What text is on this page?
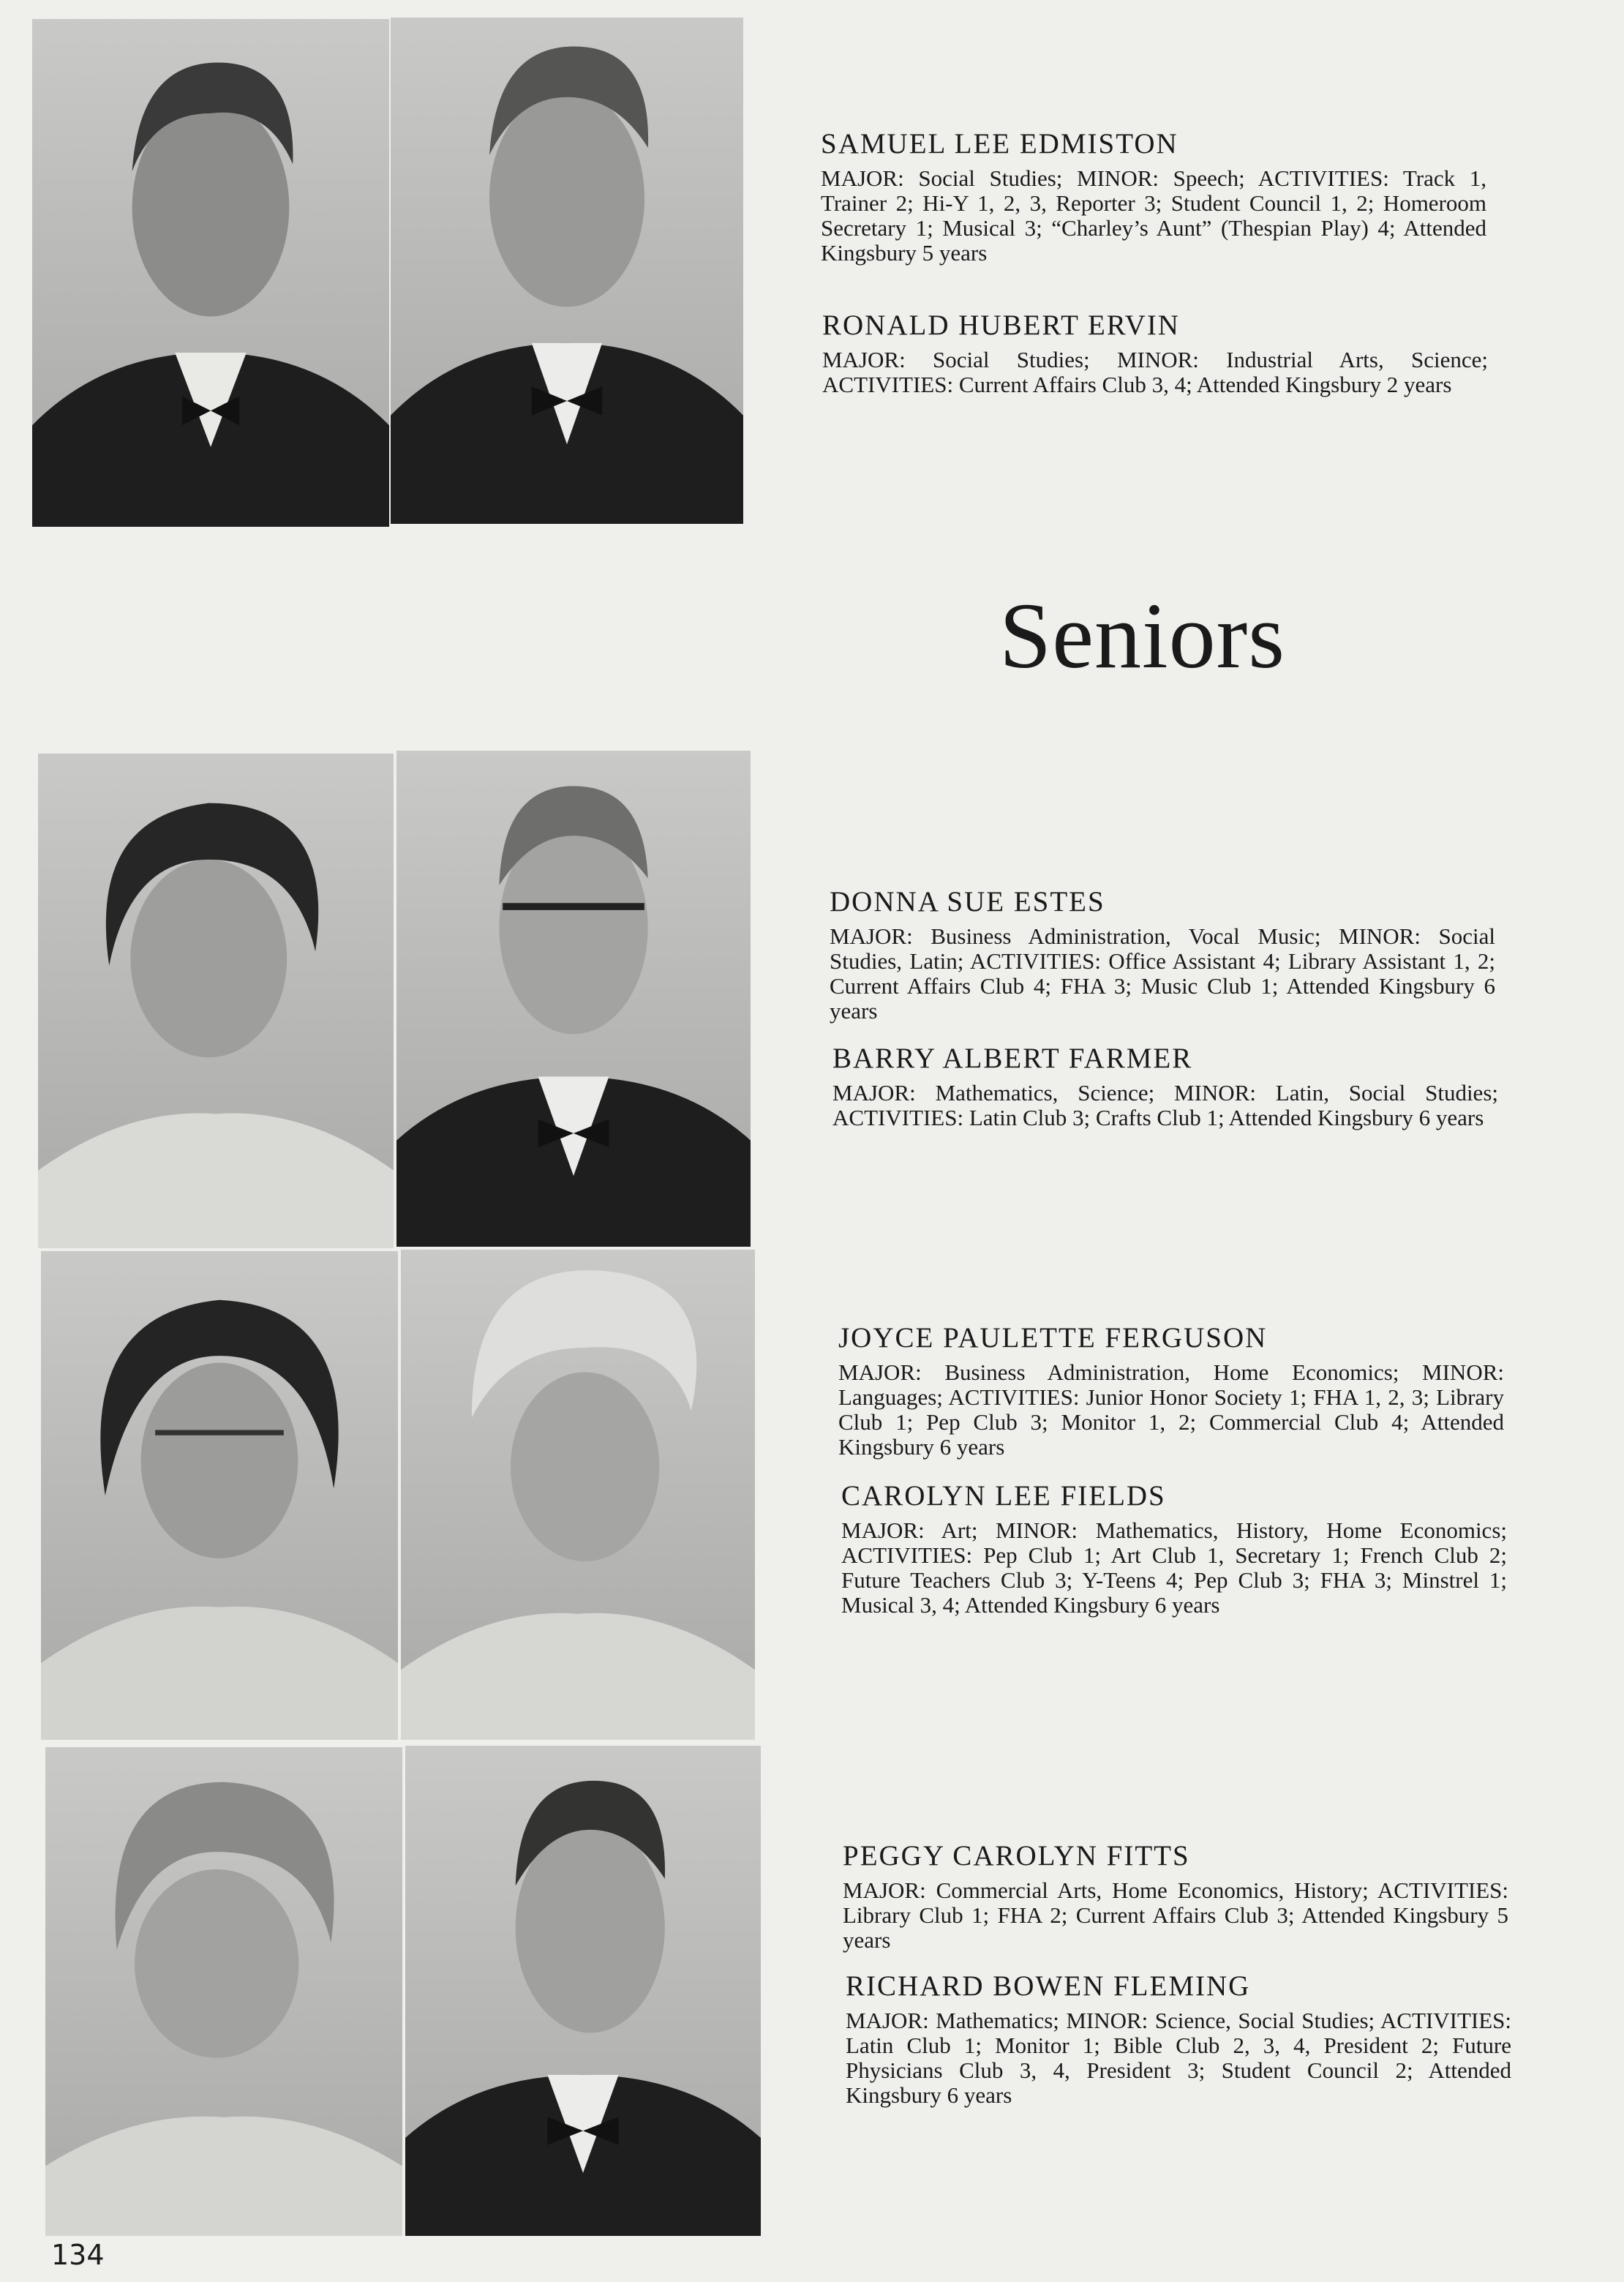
SAMUEL LEE EDMISTON

MAJOR: Social Studies; MINOR: Speech; ACTIVITIES: Track 1, Trainer 2; Hi-Y 1, 2, 3, Reporter 3; Student Council 1, 2; Homeroom Secretary 1; Musical 3; “Charley’s Aunt” (Thespian Play) 4; Attended Kingsbury 5 years

RONALD HUBERT ERVIN

MAJOR: Social Studies; MINOR: Industrial Arts, Science; ACTIVITIES: Current Affairs Club 3, 4; Attended Kingsbury 2 years

Seniors
DONNA SUE ESTES

MAJOR: Business Administration, Vocal Music; MINOR: Social Studies, Latin; ACTIVITIES: Office Assistant 4; Library Assistant 1, 2; Current Affairs Club 4; FHA 3; Music Club 1; Attended Kingsbury 6 years

BARRY ALBERT FARMER

MAJOR: Mathematics, Science; MINOR: Latin, Social Studies; ACTIVITIES: Latin Club 3; Crafts Club 1; Attended Kingsbury 6 years

JOYCE PAULETTE FERGUSON

MAJOR: Business Administration, Home Economics; MINOR: Languages; ACTIVITIES: Junior Honor Society 1; FHA 1, 2, 3; Library Club 1; Pep Club 3; Monitor 1, 2; Commercial Club 4; Attended Kingsbury 6 years

CAROLYN LEE FIELDS

MAJOR: Art; MINOR: Mathematics, History, Home Economics; ACTIVITIES: Pep Club 1; Art Club 1, Secretary 1; French Club 2; Future Teachers Club 3; Y-Teens 4; Pep Club 3; FHA 3; Minstrel 1; Musical 3, 4; Attended Kingsbury 6 years

PEGGY CAROLYN FITTS

MAJOR: Commercial Arts, Home Economics, History; ACTIVITIES: Library Club 1; FHA 2; Current Affairs Club 3; Attended Kingsbury 5 years

RICHARD BOWEN FLEMING

MAJOR: Mathematics; MINOR: Science, Social Studies; ACTIVITIES: Latin Club 1; Monitor 1; Bible Club 2, 3, 4, President 2; Future Physicians Club 3, 4, President 3; Student Council 2; Attended Kingsbury 6 years

134
